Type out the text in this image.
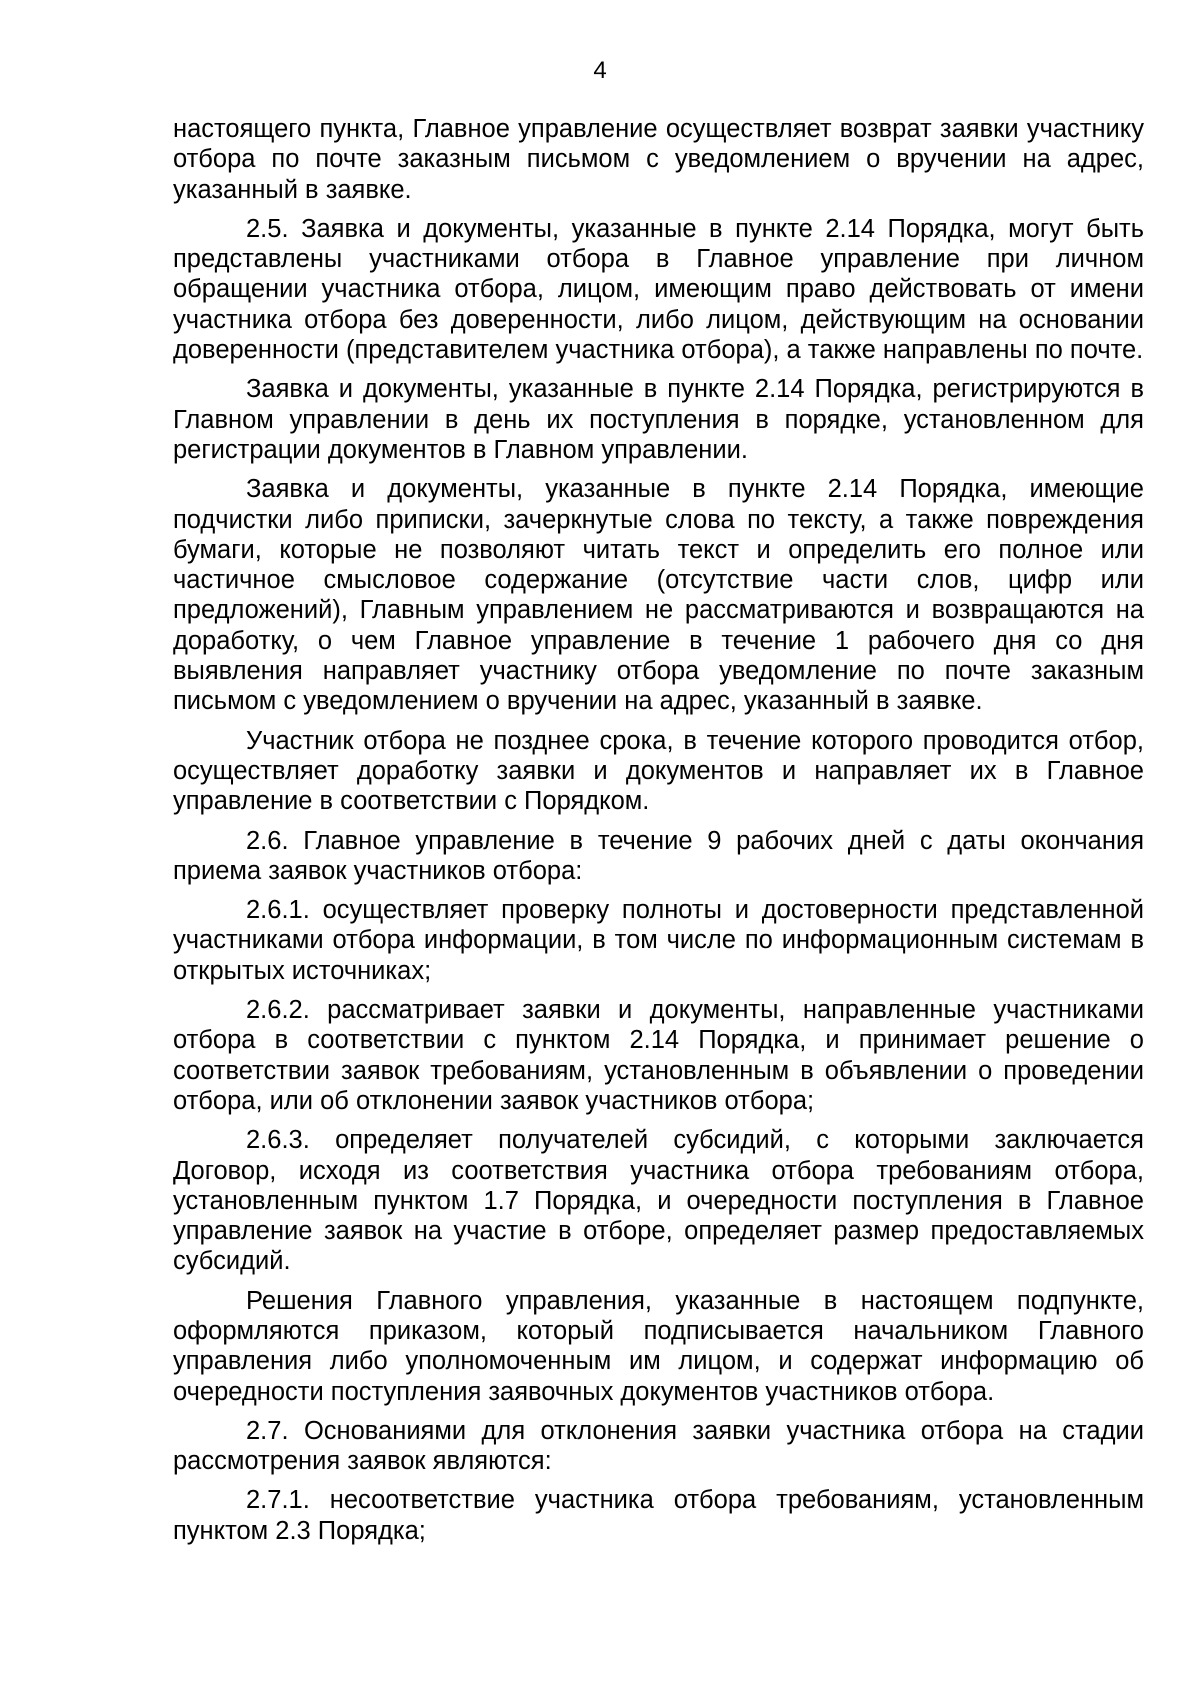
4

настоящего пункта, Главное управление осуществляет возврат заявки участнику отбора по почте заказным письмом с уведомлением о вручении на адрес, указанный в заявке.

2.5. Заявка и документы, указанные в пункте 2.14 Порядка, могут быть представлены участниками отбора в Главное управление при личном обращении участника отбора, лицом, имеющим право действовать от имени участника отбора без доверенности, либо лицом, действующим на основании доверенности (представителем участника отбора), а также направлены по почте.

Заявка и документы, указанные в пункте 2.14 Порядка, регистрируются в Главном управлении в день их поступления в порядке, установленном для регистрации документов в Главном управлении.

Заявка и документы, указанные в пункте 2.14 Порядка, имеющие подчистки либо приписки, зачеркнутые слова по тексту, а также повреждения бумаги, которые не позволяют читать текст и определить его полное или частичное смысловое содержание (отсутствие части слов, цифр или предложений), Главным управлением не рассматриваются и возвращаются на доработку, о чем Главное управление в течение 1 рабочего дня со дня выявления направляет участнику отбора уведомление по почте заказным письмом с уведомлением о вручении на адрес, указанный в заявке.

Участник отбора не позднее срока, в течение которого проводится отбор, осуществляет доработку заявки и документов и направляет их в Главное управление в соответствии с Порядком.

2.6. Главное управление в течение 9 рабочих дней с даты окончания приема заявок участников отбора:

2.6.1. осуществляет проверку полноты и достоверности представленной участниками отбора информации, в том числе по информационным системам в открытых источниках;

2.6.2. рассматривает заявки и документы, направленные участниками отбора в соответствии с пунктом 2.14 Порядка, и принимает решение о соответствии заявок требованиям, установленным в объявлении о проведении отбора, или об отклонении заявок участников отбора;

2.6.3. определяет получателей субсидий, с которыми заключается Договор, исходя из соответствия участника отбора требованиям отбора, установленным пунктом 1.7 Порядка, и очередности поступления в Главное управление заявок на участие в отборе, определяет размер предоставляемых субсидий.

Решения Главного управления, указанные в настоящем подпункте, оформляются приказом, который подписывается начальником Главного управления либо уполномоченным им лицом, и содержат информацию об очередности поступления заявочных документов участников отбора.

2.7. Основаниями для отклонения заявки участника отбора на стадии рассмотрения заявок являются:

2.7.1. несоответствие участника отбора требованиям, установленным пунктом 2.3 Порядка;
